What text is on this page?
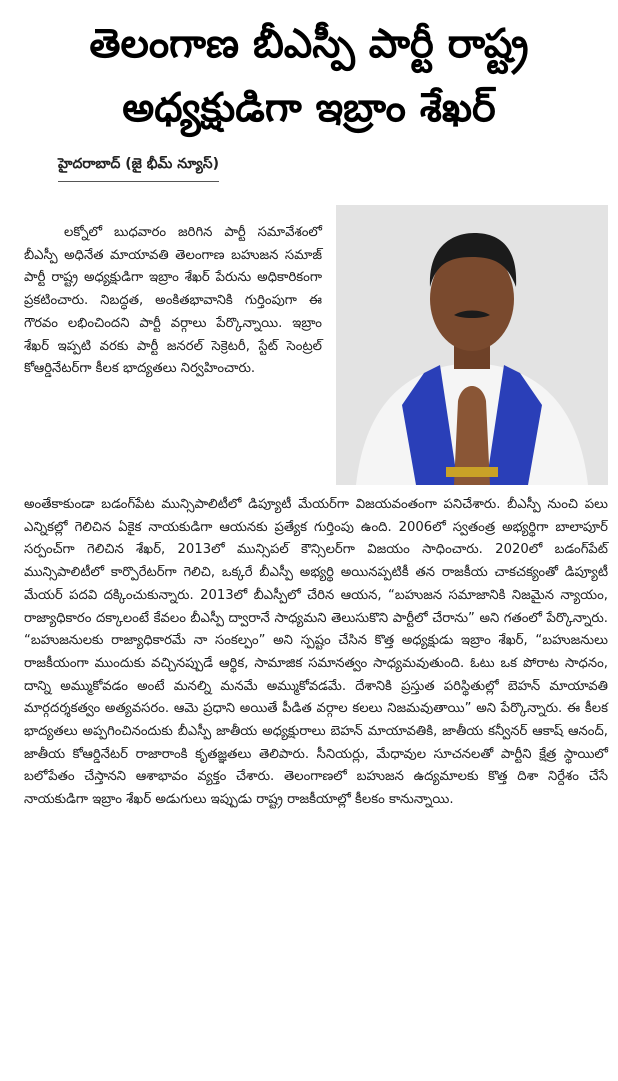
తెలంగాణ బీఎస్పీ పార్టీ రాష్ట్ర
అధ్యక్షుడిగా ఇబ్రాం శేఖర్
హైదరాబాద్ (జై భీమ్ న్యూస్)

లక్నోలో బుధవారం జరిగిన పార్టీ సమావేశంలో బీఎస్పీ అధినేత మాయావతి తెలంగాణ బహుజన సమాజ్ పార్టీ రాష్ట్ర అధ్యక్షుడిగా ఇబ్రాం శేఖర్ పేరును అధికారికంగా ప్రకటించారు. నిబద్ధత, అంకితభావానికి గుర్తింపుగా ఈ గౌరవం లభించిందని పార్టీ వర్గాలు పేర్కొన్నాయి. ఇబ్రాం శేఖర్ ఇప్పటి వరకు పార్టీ జనరల్ సెక్రెటరీ, స్టేట్ సెంట్రల్ కోఆర్డినేటర్‌గా కీలక భాద్యతలు నిర్వహించారు.

అంతేకాకుండా బడంగ్‌పేట మున్సిపాలిటీలో డిప్యూటీ మేయర్‌గా విజయవంతంగా పనిచేశారు. బీఎస్పీ నుంచి పలు ఎన్నికల్లో గెలిచిన ఏకైక నాయకుడిగా ఆయనకు ప్రత్యేక గుర్తింపు ఉంది. 2006లో స్వతంత్ర అభ్యర్థిగా బాలాపూర్ సర్పంచ్‌గా గెలిచిన శేఖర్, 2013లో మున్సిపల్ కౌన్సిలర్‌గా విజయం సాధించారు. 2020లో బడంగ్‌పేట్ మున్సిపాలిటీలో కార్పొరేటర్‌గా గెలిచి, ఒక్కరే బీఎస్పీ అభ్యర్థి అయినప్పటికీ తన రాజకీయ చాకచక్యంతో డిప్యూటీ మేయర్ పదవి దక్కించుకున్నారు. 2013లో బీఎస్పీలో చేరిన ఆయన, “బహుజన సమాజానికి నిజమైన న్యాయం, రాజ్యాధికారం దక్కాలంటే కేవలం బీఎస్పీ ద్వారానే సాధ్యమని తెలుసుకొని పార్టీలో చేరాను” అని గతంలో పేర్కొన్నారు. “బహుజనులకు రాజ్యాధికారమే నా సంకల్పం” అని స్పష్టం చేసిన కొత్త అధ్యక్షుడు ఇబ్రాం శేఖర్, “బహుజనులు రాజకీయంగా ముందుకు వచ్చినప్పుడే ఆర్థిక, సామాజిక సమానత్వం సాధ్యమవుతుంది. ఓటు ఒక పోరాట సాధనం, దాన్ని అమ్ముకోవడం అంటే మనల్ని మనమే అమ్ముకోవడమే. దేశానికి ప్రస్తుత పరిస్థితుల్లో బెహన్ మాయావతి మార్గదర్శకత్వం అత్యవసరం. ఆమె ప్రధాని అయితే పీడిత వర్గాల కలలు నిజమవుతాయి” అని పేర్కొన్నారు. ఈ కీలక భాద్యతలు అప్పగించినందుకు బీఎస్పీ జాతీయ అధ్యక్షురాలు బెహన్ మాయావతికి, జాతీయ కన్వీనర్ ఆకాష్ ఆనంద్, జాతీయ కోఆర్డినేటర్ రాజారాంకి కృతజ్ఞతలు తెలిపారు. సీనియర్లు, మేధావుల సూచనలతో పార్టీని క్షేత్ర స్థాయిలో బలోపేతం చేస్తానని ఆశాభావం వ్యక్తం చేశారు. తెలంగాణలో బహుజన ఉద్యమాలకు కొత్త దిశా నిర్దేశం చేసే నాయకుడిగా ఇబ్రాం శేఖర్ అడుగులు ఇప్పుడు రాష్ట్ర రాజకీయాల్లో కీలకం కానున్నాయి.
